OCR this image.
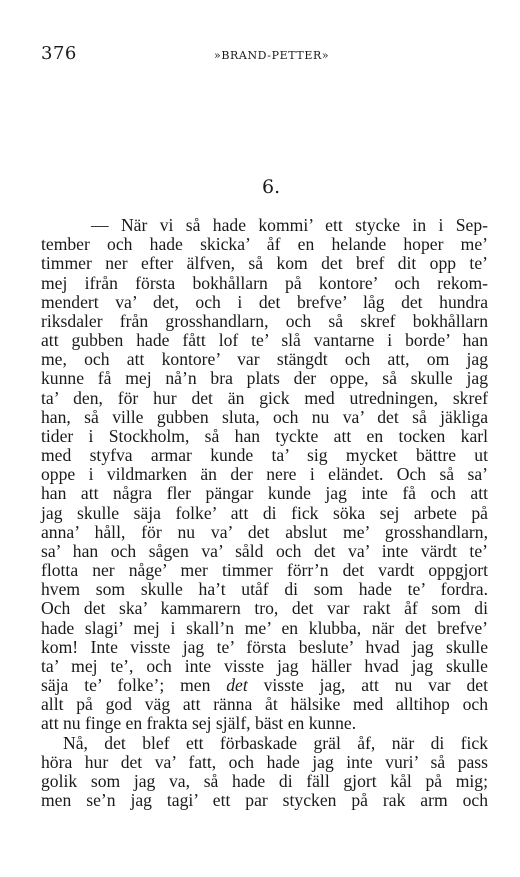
376	»BRAND-PETTER»
6.
— När vi så hade kommi’ ett stycke in i Sep-
tember och hade skicka’ åf en helande hoper me’
timmer ner efter älfven, så kom det bref dit opp te’
mej ifrån första bokhållarn på kontore’ och rekom-
mendert va’ det, och i det brefve’ låg det hundra
riksdaler från grosshandlarn, och så skref bokhållarn
att gubben hade fått lof te’ slå vantarne i borde’ han
me, och att kontore’ var stängdt och att, om jag
kunne få mej nå’n bra plats der oppe, så skulle jag
ta’ den, för hur det än gick med utredningen, skref
han, så ville gubben sluta, och nu va’ det så jäkliga
tider i Stockholm, så han tyckte att en tocken karl
med styfva armar kunde ta’ sig mycket bättre ut
oppe i vildmarken än der nere i eländet. Och så sa’
han att några fler pängar kunde jag inte få och att
jag skulle säja folke’ att di fick söka sej arbete på
anna’ håll, för nu va’ det abslut me’ grosshandlarn,
sa’ han och sågen va’ såld och det va’ inte värdt te’
flotta ner någe’ mer timmer förr’n det vardt oppgjort
hvem som skulle ha’t utåf di som hade te’ fordra.
Och det ska’ kammarern tro, det var rakt åf som di
hade slagi’ mej i skall’n me’ en klubba, när det brefve’
kom! Inte visste jag te’ första beslute’ hvad jag skulle
ta’ mej te’, och inte visste jag häller hvad jag skulle
säja te’ folke’; men det visste jag, att nu var det
allt på god väg att ränna åt hälsike med alltihop och
att nu finge en frakta sej själf, bäst en kunne.
Nå, det blef ett förbaskade gräl åf, när di fick
höra hur det va’ fatt, och hade jag inte vuri’ så pass
golik som jag va, så hade di fäll gjort kål på mig;
men se’n jag tagi’ ett par stycken på rak arm och
